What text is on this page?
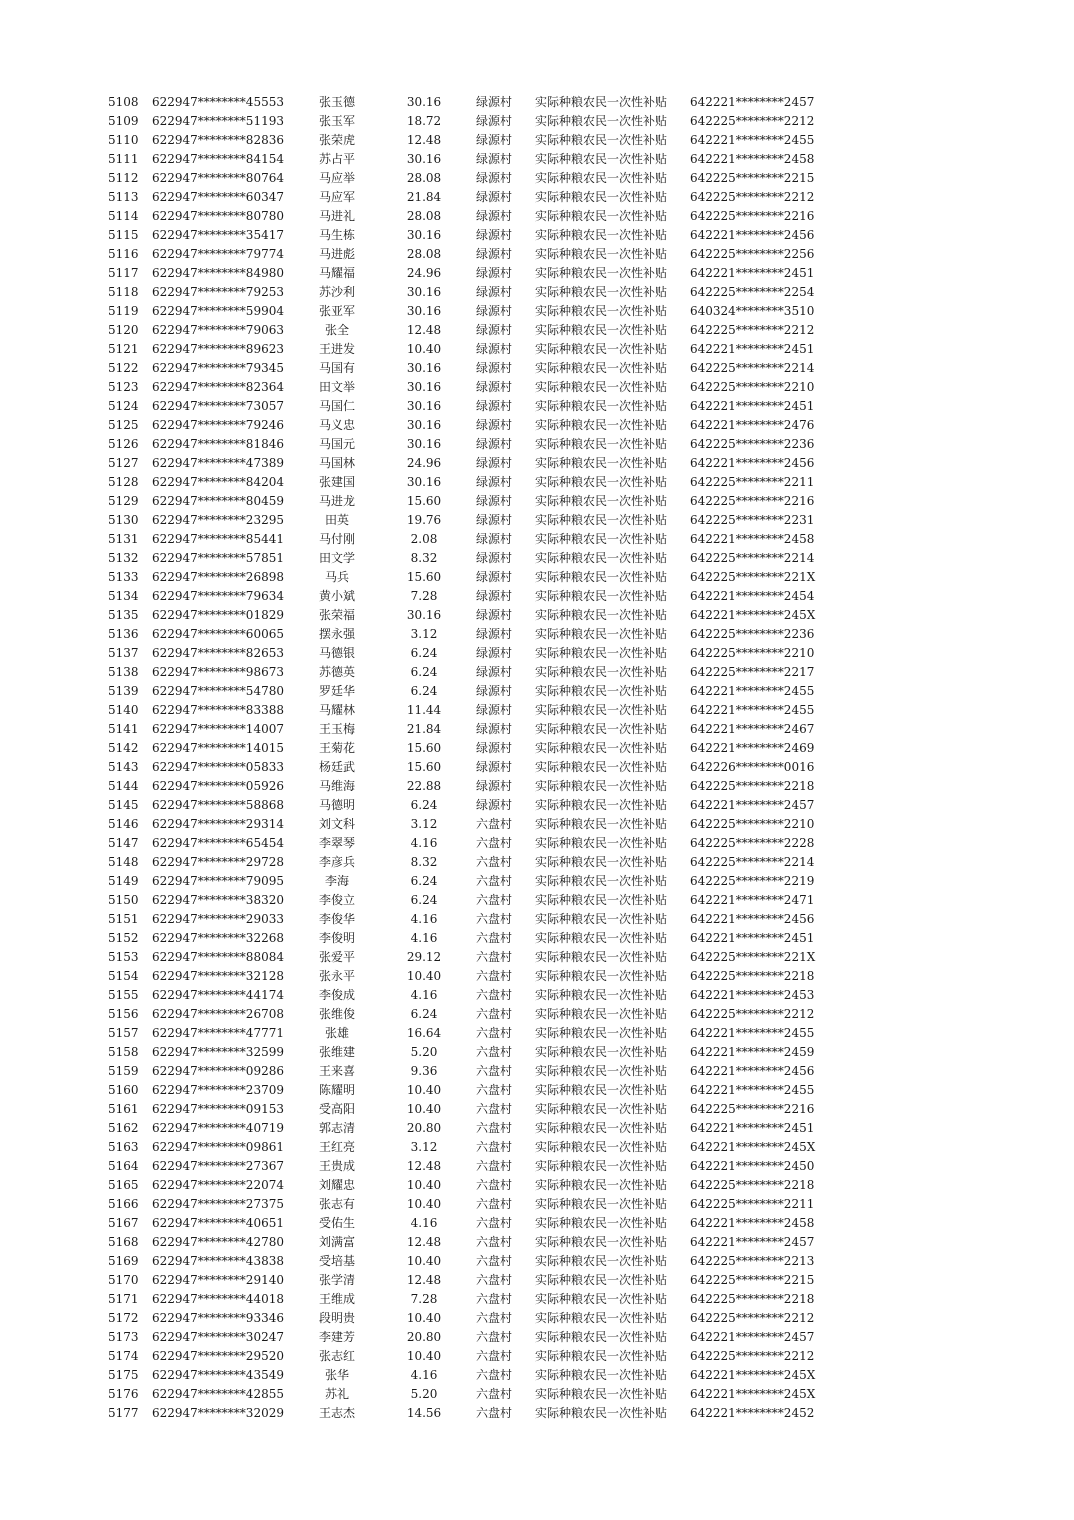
5108	622947********45553	张玉德	30.16	绿源村	实际种粮农民一次性补贴	642221********2457
5109	622947********51193	张玉军	18.72	绿源村	实际种粮农民一次性补贴	642225********2212
5110	622947********82836	张荣虎	12.48	绿源村	实际种粮农民一次性补贴	642221********2455
5111	622947********84154	苏占平	30.16	绿源村	实际种粮农民一次性补贴	642221********2458
5112	622947********80764	马应举	28.08	绿源村	实际种粮农民一次性补贴	642225********2215
5113	622947********60347	马应军	21.84	绿源村	实际种粮农民一次性补贴	642225********2212
5114	622947********80780	马进礼	28.08	绿源村	实际种粮农民一次性补贴	642225********2216
5115	622947********35417	马生栋	30.16	绿源村	实际种粮农民一次性补贴	642221********2456
5116	622947********79774	马进彪	28.08	绿源村	实际种粮农民一次性补贴	642225********2256
5117	622947********84980	马耀福	24.96	绿源村	实际种粮农民一次性补贴	642221********2451
5118	622947********79253	苏沙利	30.16	绿源村	实际种粮农民一次性补贴	642225********2254
5119	622947********59904	张亚军	30.16	绿源村	实际种粮农民一次性补贴	640324********3510
5120	622947********79063	张全	12.48	绿源村	实际种粮农民一次性补贴	642225********2212
5121	622947********89623	王进发	10.40	绿源村	实际种粮农民一次性补贴	642221********2451
5122	622947********79345	马国有	30.16	绿源村	实际种粮农民一次性补贴	642225********2214
5123	622947********82364	田文举	30.16	绿源村	实际种粮农民一次性补贴	642225********2210
5124	622947********73057	马国仁	30.16	绿源村	实际种粮农民一次性补贴	642221********2451
5125	622947********79246	马义忠	30.16	绿源村	实际种粮农民一次性补贴	642221********2476
5126	622947********81846	马国元	30.16	绿源村	实际种粮农民一次性补贴	642225********2236
5127	622947********47389	马国林	24.96	绿源村	实际种粮农民一次性补贴	642221********2456
5128	622947********84204	张建国	30.16	绿源村	实际种粮农民一次性补贴	642225********2211
5129	622947********80459	马进龙	15.60	绿源村	实际种粮农民一次性补贴	642225********2216
5130	622947********23295	田英	19.76	绿源村	实际种粮农民一次性补贴	642225********2231
5131	622947********85441	马付刚	2.08	绿源村	实际种粮农民一次性补贴	642221********2458
5132	622947********57851	田文学	8.32	绿源村	实际种粮农民一次性补贴	642225********2214
5133	622947********26898	马兵	15.60	绿源村	实际种粮农民一次性补贴	642225********221X
5134	622947********79634	黄小斌	7.28	绿源村	实际种粮农民一次性补贴	642221********2454
5135	622947********01829	张荣福	30.16	绿源村	实际种粮农民一次性补贴	642221********245X
5136	622947********60065	摆永强	3.12	绿源村	实际种粮农民一次性补贴	642225********2236
5137	622947********82653	马德银	6.24	绿源村	实际种粮农民一次性补贴	642225********2210
5138	622947********98673	苏德英	6.24	绿源村	实际种粮农民一次性补贴	642225********2217
5139	622947********54780	罗廷华	6.24	绿源村	实际种粮农民一次性补贴	642221********2455
5140	622947********83388	马耀林	11.44	绿源村	实际种粮农民一次性补贴	642221********2455
5141	622947********14007	王玉梅	21.84	绿源村	实际种粮农民一次性补贴	642221********2467
5142	622947********14015	王菊花	15.60	绿源村	实际种粮农民一次性补贴	642221********2469
5143	622947********05833	杨廷武	15.60	绿源村	实际种粮农民一次性补贴	642226********0016
5144	622947********05926	马维海	22.88	绿源村	实际种粮农民一次性补贴	642225********2218
5145	622947********58868	马德明	6.24	绿源村	实际种粮农民一次性补贴	642221********2457
5146	622947********29314	刘文科	3.12	六盘村	实际种粮农民一次性补贴	642225********2210
5147	622947********65454	李翠琴	4.16	六盘村	实际种粮农民一次性补贴	642225********2228
5148	622947********29728	李彦兵	8.32	六盘村	实际种粮农民一次性补贴	642225********2214
5149	622947********79095	李海	6.24	六盘村	实际种粮农民一次性补贴	642225********2219
5150	622947********38320	李俊立	6.24	六盘村	实际种粮农民一次性补贴	642221********2471
5151	622947********29033	李俊华	4.16	六盘村	实际种粮农民一次性补贴	642221********2456
5152	622947********32268	李俊明	4.16	六盘村	实际种粮农民一次性补贴	642221********2451
5153	622947********88084	张爱平	29.12	六盘村	实际种粮农民一次性补贴	642225********221X
5154	622947********32128	张永平	10.40	六盘村	实际种粮农民一次性补贴	642225********2218
5155	622947********44174	李俊成	4.16	六盘村	实际种粮农民一次性补贴	642221********2453
5156	622947********26708	张维俊	6.24	六盘村	实际种粮农民一次性补贴	642225********2212
5157	622947********47771	张雄	16.64	六盘村	实际种粮农民一次性补贴	642221********2455
5158	622947********32599	张维建	5.20	六盘村	实际种粮农民一次性补贴	642221********2459
5159	622947********09286	王来喜	9.36	六盘村	实际种粮农民一次性补贴	642221********2456
5160	622947********23709	陈耀明	10.40	六盘村	实际种粮农民一次性补贴	642221********2455
5161	622947********09153	受高阳	10.40	六盘村	实际种粮农民一次性补贴	642225********2216
5162	622947********40719	郭志清	20.80	六盘村	实际种粮农民一次性补贴	642221********2451
5163	622947********09861	王红亮	3.12	六盘村	实际种粮农民一次性补贴	642221********245X
5164	622947********27367	王贵成	12.48	六盘村	实际种粮农民一次性补贴	642221********2450
5165	622947********22074	刘耀忠	10.40	六盘村	实际种粮农民一次性补贴	642225********2218
5166	622947********27375	张志有	10.40	六盘村	实际种粮农民一次性补贴	642225********2211
5167	622947********40651	受佑生	4.16	六盘村	实际种粮农民一次性补贴	642221********2458
5168	622947********42780	刘满富	12.48	六盘村	实际种粮农民一次性补贴	642221********2457
5169	622947********43838	受培基	10.40	六盘村	实际种粮农民一次性补贴	642225********2213
5170	622947********29140	张学清	12.48	六盘村	实际种粮农民一次性补贴	642225********2215
5171	622947********44018	王维成	7.28	六盘村	实际种粮农民一次性补贴	642225********2218
5172	622947********93346	段明贵	10.40	六盘村	实际种粮农民一次性补贴	642225********2212
5173	622947********30247	李建芳	20.80	六盘村	实际种粮农民一次性补贴	642221********2457
5174	622947********29520	张志红	10.40	六盘村	实际种粮农民一次性补贴	642225********2212
5175	622947********43549	张华	4.16	六盘村	实际种粮农民一次性补贴	642221********245X
5176	622947********42855	苏礼	5.20	六盘村	实际种粮农民一次性补贴	642221********245X
5177	622947********32029	王志杰	14.56	六盘村	实际种粮农民一次性补贴	642221********2452
